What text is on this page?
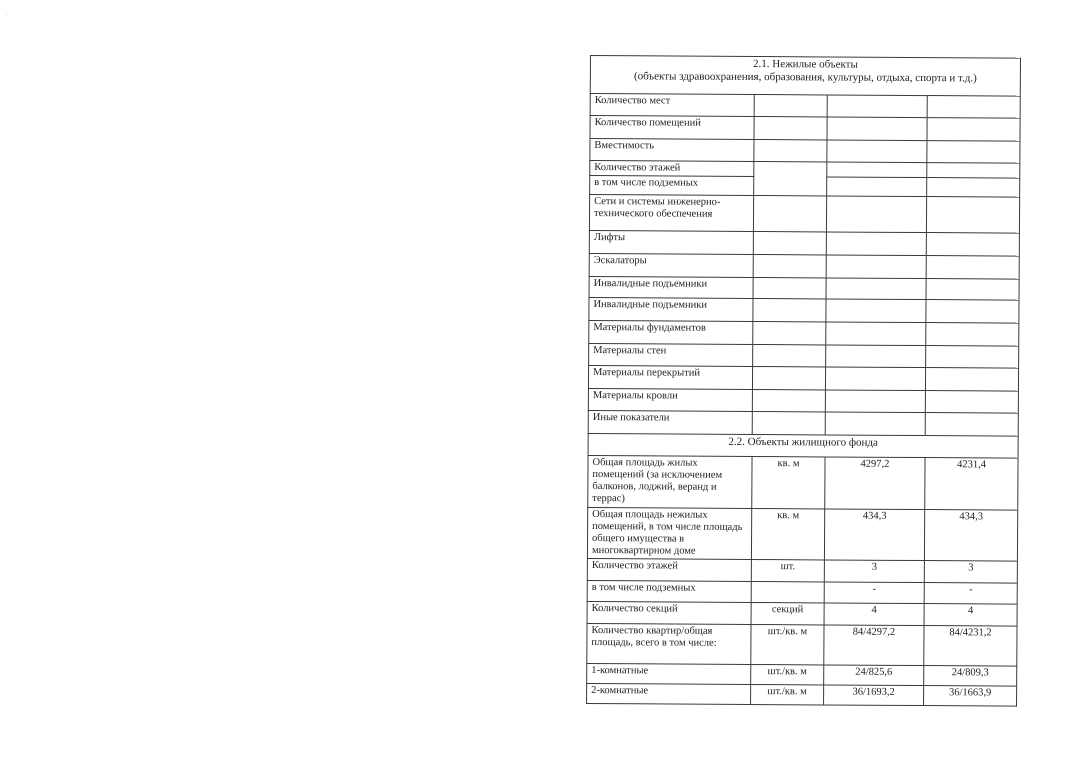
·	·
2.1. Нежилые объекты
(объекты здравоохранения, образования, культуры, отдыха, спорта и т.д.)			

Количество мест			
Количество помещений			
Вместимость			
Количество этажей			
в том числе подземных			
Сети и системы инженерно-технического обеспечения			
Лифты			
Эскалаторы			
Инвалидные подъемники			
Инвалидные подъемники			
Материалы фундаментов			
Материалы стен			
Материалы перекрытий			
Материалы кровли			
Иные показатели			
2.2. Объекты жилищного фонда			
Общая площадь жилых помещений (за исключением балконов, лоджий, веранд и террас)	кв. м	4297,2	4231,4
Общая площадь нежилых помещений, в том числе площадь общего имущества в многоквартирном доме	кв. м	434,3	434,3
Количество этажей	шт.	3	3
в том числе подземных		-	-
Количество секций	секций	4	4
Количество квартир/общая площадь, всего в том числе:	шт./кв. м	84/4297,2	84/4231,2
1-комнатные	шт./кв. м	24/825,6	24/809,3
2-комнатные	шт./кв. м	36/1693,2	36/1663,9
